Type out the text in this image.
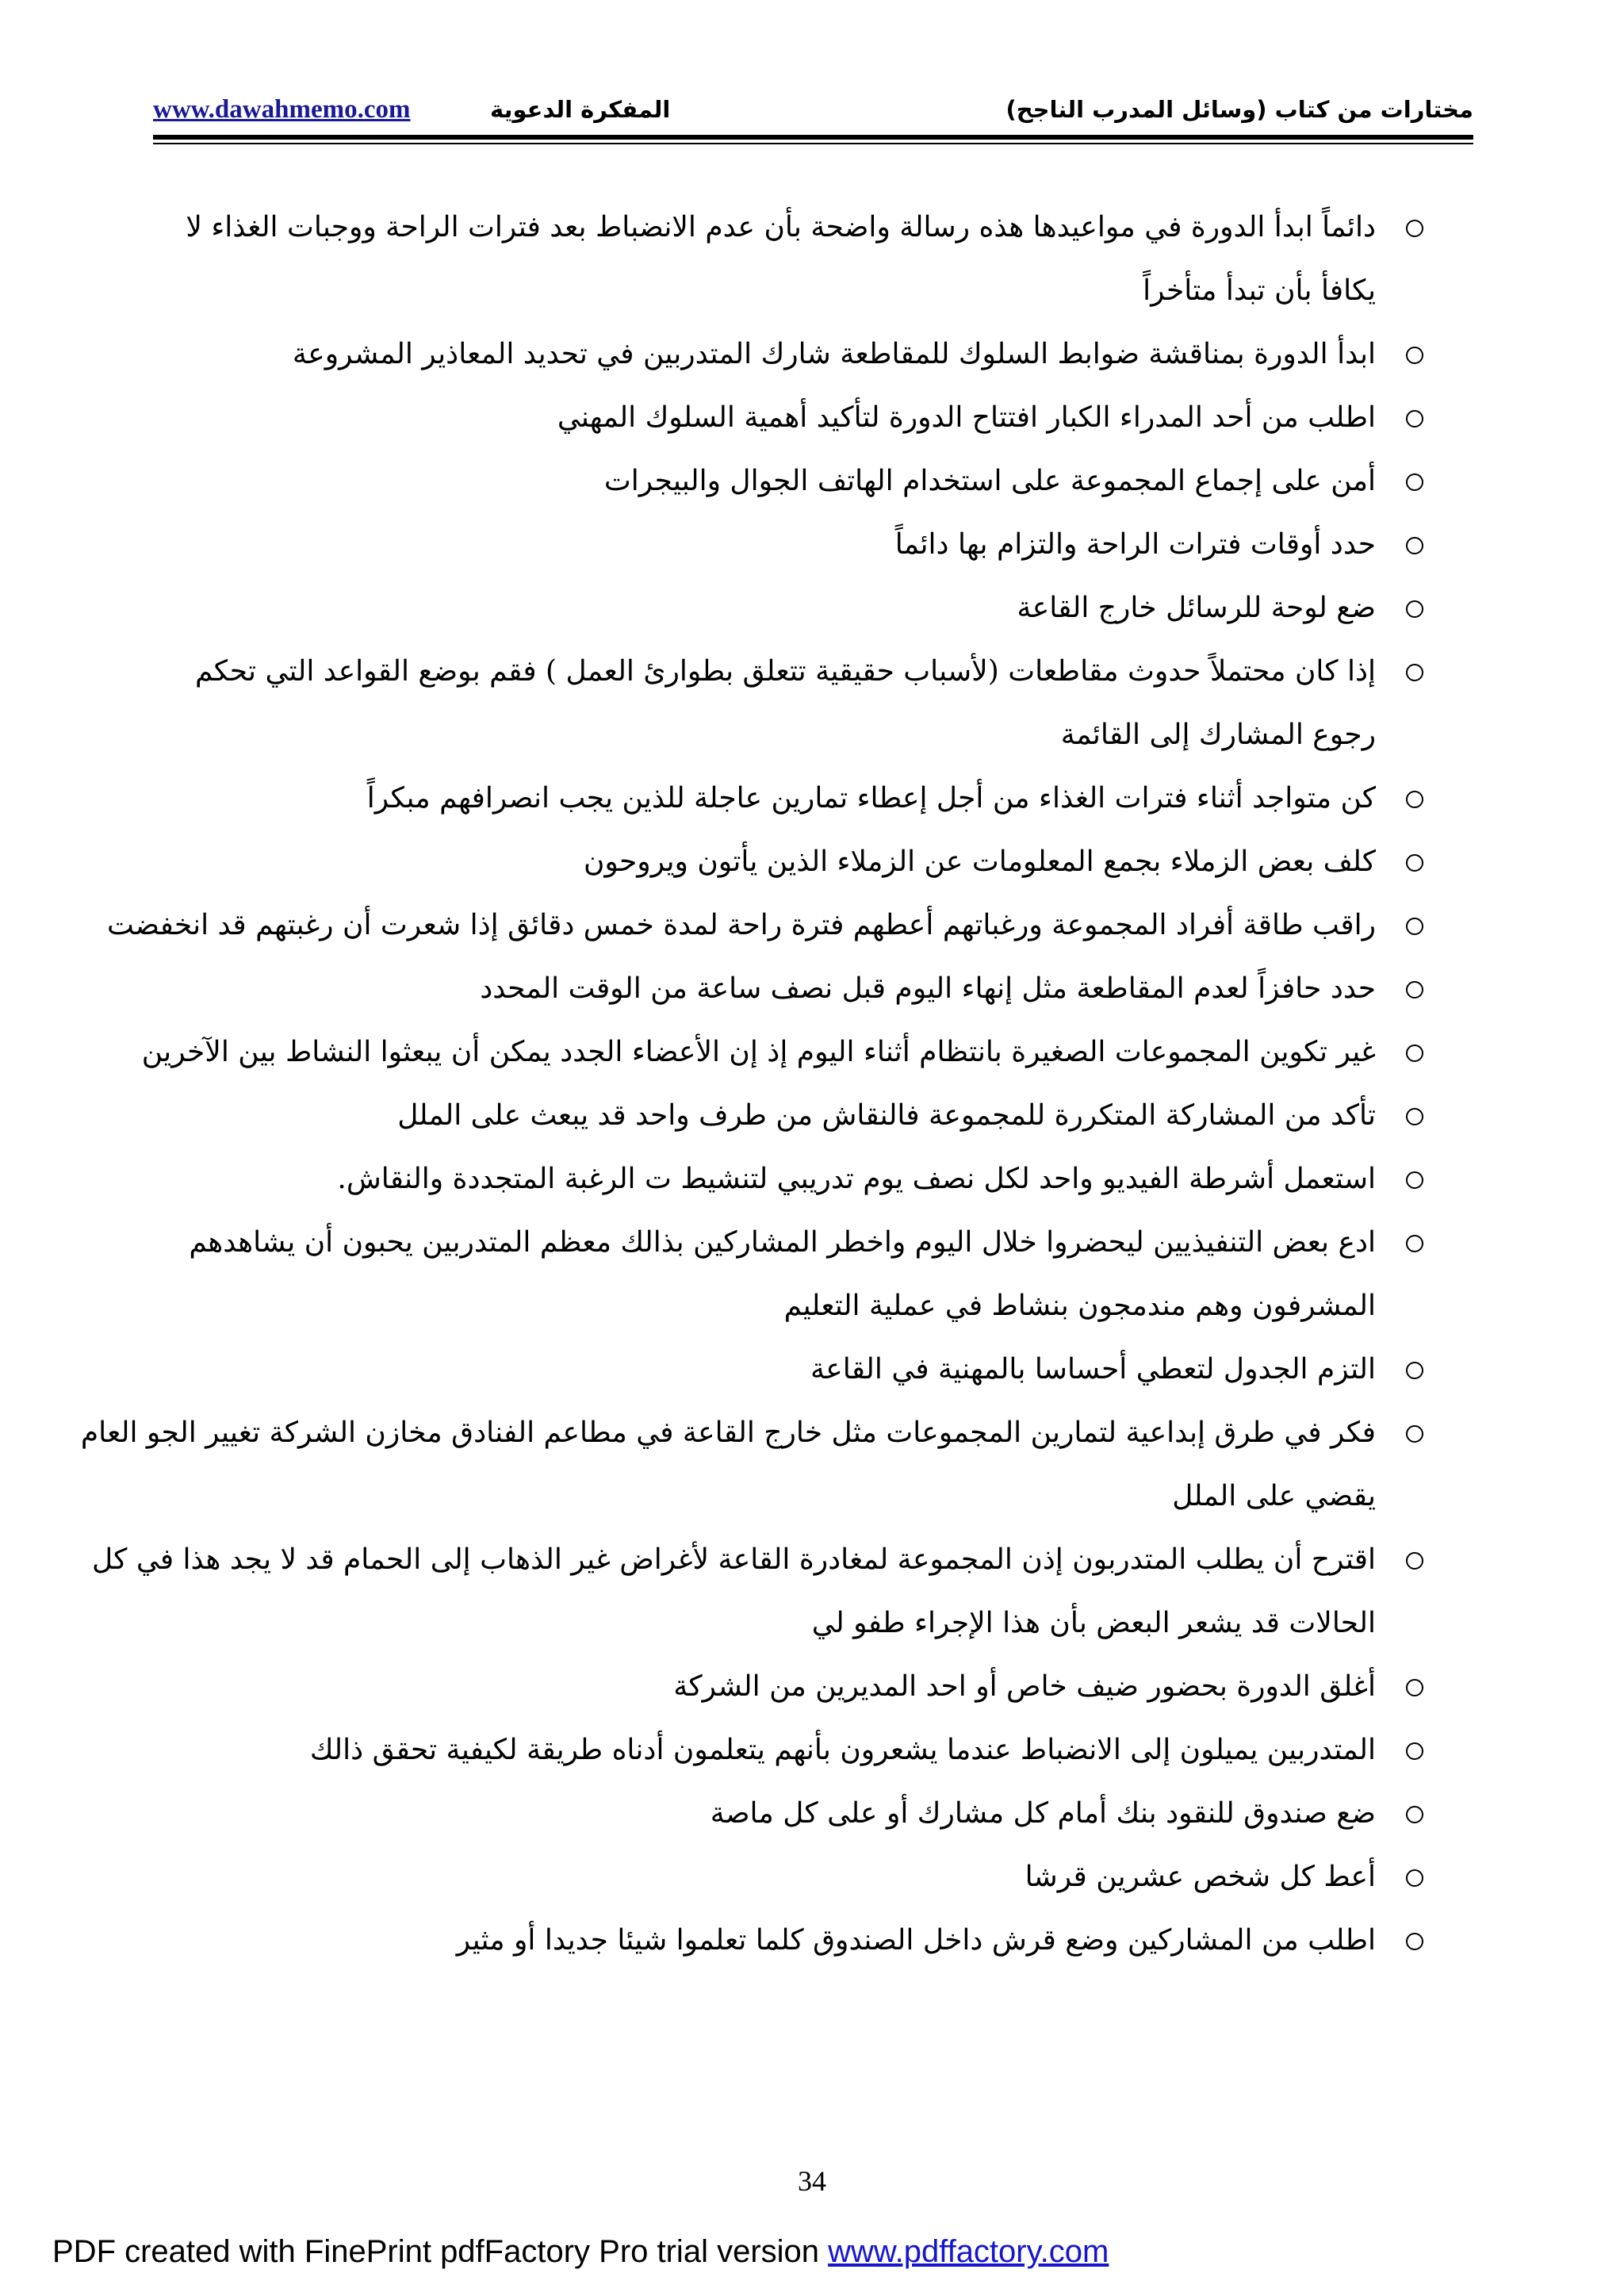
www.dawahmemo.com	المفكرة الدعوية	مختارات من كتاب (وسائل المدرب الناجح)
دائماً ابدأ الدورة في مواعيدها هذه رسالة واضحة بأن عدم الانضباط بعد فترات الراحة ووجبات الغذاء لا
يكافأ بأن تبدأ متأخراً
ابدأ الدورة بمناقشة ضوابط السلوك للمقاطعة شارك المتدربين في تحديد المعاذير المشروعة
اطلب من أحد المدراء الكبار افتتاح الدورة لتأكيد أهمية السلوك المهني
أمن على إجماع المجموعة على استخدام الهاتف الجوال والبيجرات
حدد أوقات فترات الراحة والتزام بها دائماً
ضع لوحة للرسائل خارج القاعة
إذا كان محتملاً حدوث مقاطعات (لأسباب حقيقية تتعلق بطوارئ العمل ) فقم بوضع القواعد التي تحكم
رجوع المشارك إلى القائمة
كن متواجد أثناء فترات الغذاء من أجل إعطاء تمارين عاجلة للذين يجب انصرافهم مبكراً
كلف بعض الزملاء بجمع المعلومات عن الزملاء الذين يأتون ويروحون
راقب طاقة أفراد المجموعة ورغباتهم أعطهم فترة راحة لمدة خمس دقائق إذا شعرت أن رغبتهم قد انخفضت
حدد حافزاً لعدم المقاطعة مثل إنهاء اليوم قبل نصف ساعة من الوقت المحدد
غير تكوين المجموعات الصغيرة بانتظام أثناء اليوم إذ إن الأعضاء الجدد يمكن أن يبعثوا النشاط بين الآخرين
تأكد من المشاركة المتكررة للمجموعة فالنقاش من طرف واحد قد يبعث على الملل
استعمل أشرطة الفيديو واحد لكل نصف يوم تدريبي لتنشيط ت الرغبة المتجددة والنقاش.
ادع بعض التنفيذيين ليحضروا خلال اليوم واخطر المشاركين بذالك معظم المتدربين يحبون أن يشاهدهم
المشرفون وهم مندمجون بنشاط في عملية التعليم
التزم الجدول لتعطي أحساسا بالمهنية في القاعة
فكر في طرق إبداعية لتمارين المجموعات مثل خارج القاعة في مطاعم الفنادق مخازن الشركة تغيير الجو العام
يقضي على الملل
اقترح أن يطلب المتدربون إذن المجموعة لمغادرة القاعة لأغراض غير الذهاب إلى الحمام قد لا يجد هذا في كل
الحالات قد يشعر البعض بأن هذا الإجراء طفو لي
أغلق الدورة بحضور ضيف خاص أو احد المديرين من الشركة
المتدربين يميلون إلى الانضباط عندما يشعرون بأنهم يتعلمون أدناه طريقة لكيفية تحقق ذالك
ضع صندوق للنقود بنك أمام كل مشارك أو على كل ماصة
أعط كل شخص عشرين قرشا
اطلب من المشاركين وضع قرش داخل الصندوق كلما تعلموا شيئا جديدا أو مثير
34
PDF created with FinePrint pdfFactory Pro trial version www.pdffactory.com
